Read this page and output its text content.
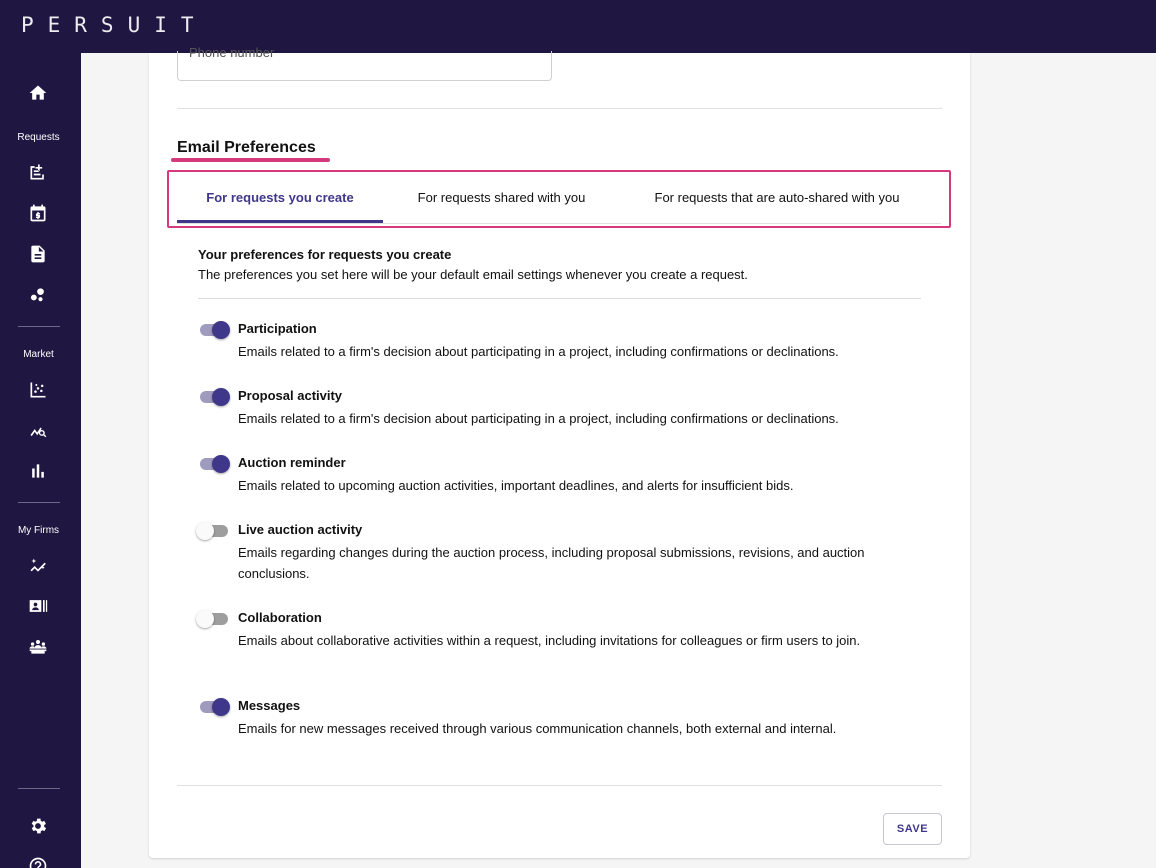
PERSUIT
Requests
Market
My Firms
Phone number
Email Preferences
For requests you create	For requests shared with you	For requests that are auto-shared with you
Your preferences for requests you create
The preferences you set here will be your default email settings whenever you create a request.
Participation
Emails related to a firm's decision about participating in a project, including confirmations or declinations.
Proposal activity
Emails related to a firm's decision about participating in a project, including confirmations or declinations.
Auction reminder
Emails related to upcoming auction activities, important deadlines, and alerts for insufficient bids.
Live auction activity
Emails regarding changes during the auction process, including proposal submissions, revisions, and auction conclusions.
Collaboration
Emails about collaborative activities within a request, including invitations for colleagues or firm users to join.
Messages
Emails for new messages received through various communication channels, both external and internal.
SAVE
